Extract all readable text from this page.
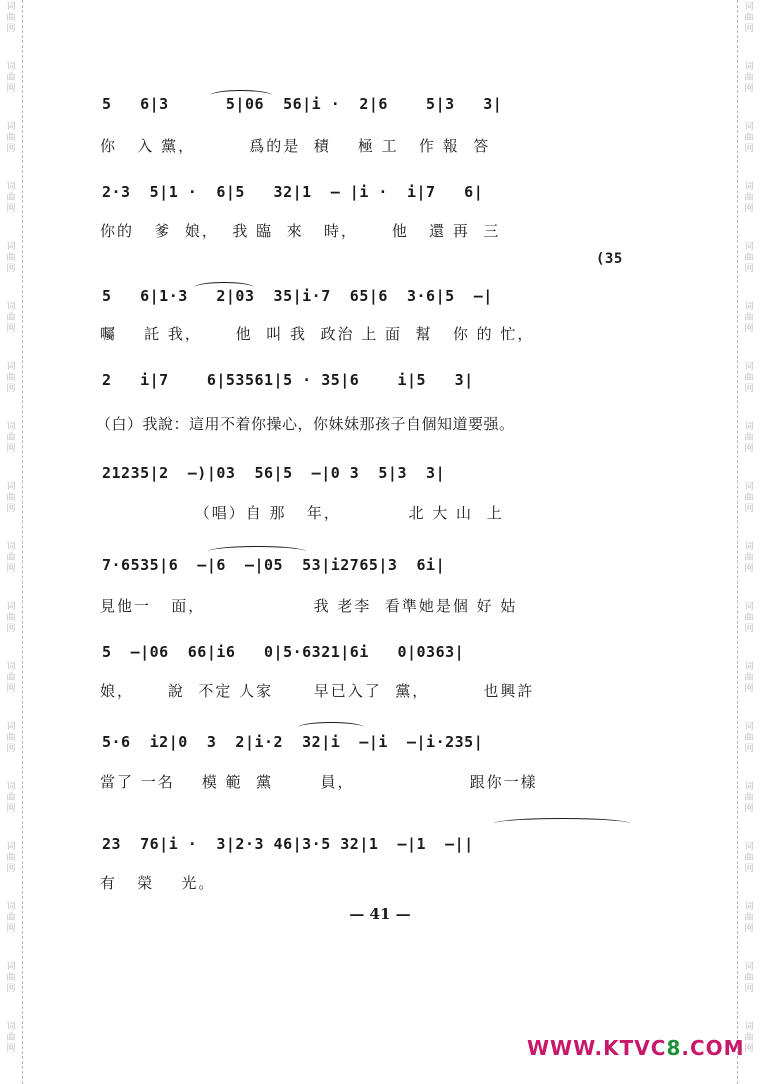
词
曲
网
词
曲
网
词
曲
网
词
曲
网
词
曲
网
词
曲
网
词
曲
网
词
曲
网
词
曲
网
词
曲
网
词
曲
网
词
曲
网
词
曲
网
词
曲
网
词
曲
网
词
曲
网
词
曲
网
词
曲
网
词
曲
网
词
曲
网
词
曲
网
词
曲
网
词
曲
网
词
曲
网
词
曲
网
词
曲
网
词
曲
网
词
曲
网
词
曲
网
词
曲
网
词
曲
网
词
曲
网
词
曲
网
词
曲
网
词
曲
网
词
曲
网
5   6|3      5|06  56|i ·  2|6    5|3   3|
你   入 黨，        爲的是  積    極 工   作 報  答
2·3  5|1 ·  6|5   32|1  — |i ·  i|7   6|
你的   爹  娘，  我 臨  來   時，     他   還 再  三
(35
5   6|1·3   2|03  35|i·7  65|6  3·6|5  —|
囑    託 我，     他  叫 我  政治 上 面  幫   你 的 忙，
2   i|7    6|53561|5 · 35|6    i|5   3|
（白）我說：這用不着你操心，你妹妹那孩子自個知道要强。
21235|2  —)|03  56|5  —|0 3  5|3  3|
（唱）自 那   年，          北 大 山  上
7·6535|6  —|6  —|05  53|i2765|3  6i|
見他一   面，                我 老李  看準她是個 好 姑
5  —|06  66|i6   0|5·6321|6i   0|0363|
娘，     說  不定 人家      早已入了  黨，        也興許
5·6  i2|0  3  2|i·2  32|i  —|i  —|i·235|
當了 一名    模 範  黨       員，                 跟你一樣
23  76|i ·  3|2·3 46|3·5 32|1  —|1  —||
有   榮    光。
— 41 —
WWW.KTVC8.COM
